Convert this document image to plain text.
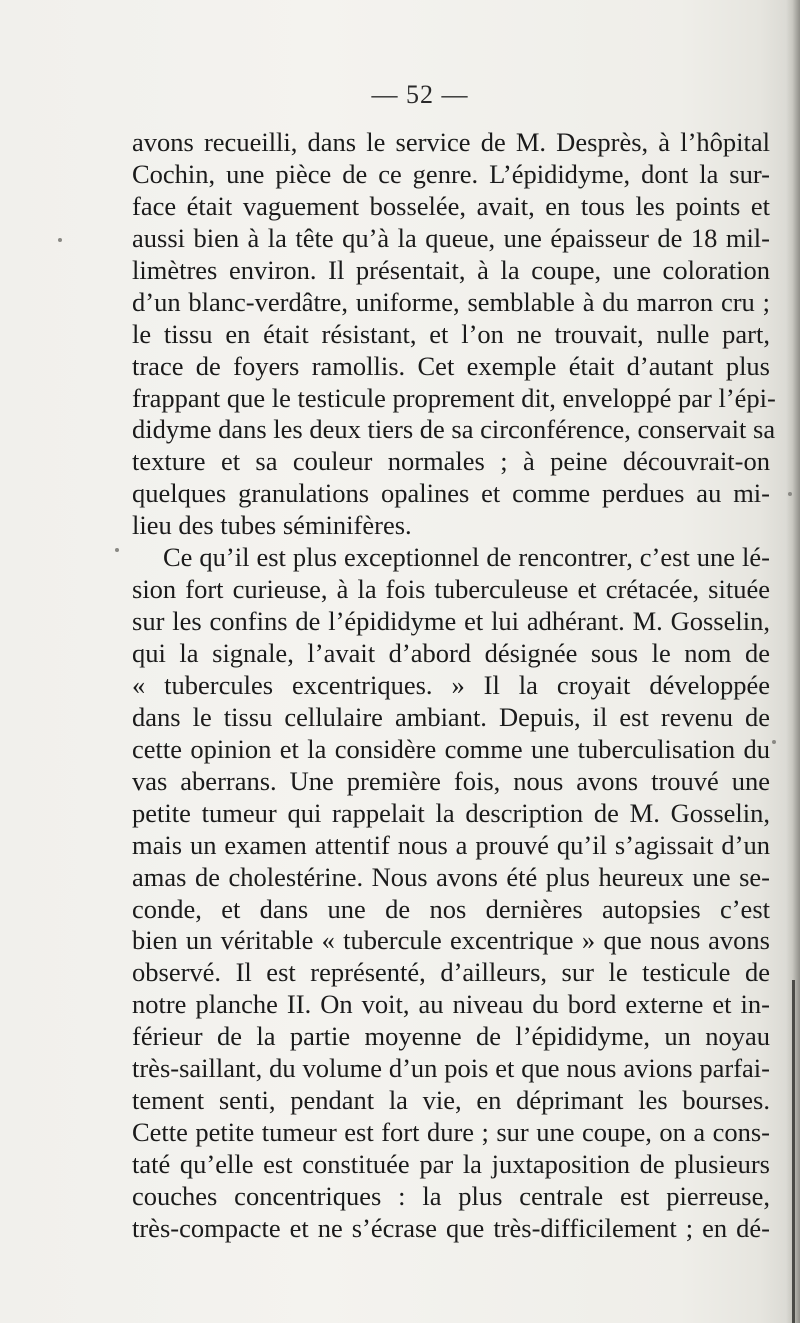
— 52 —
avons recueilli, dans le service de M. Desprès, à l’hôpital
Cochin, une pièce de ce genre. L’épididyme, dont la sur-
face était vaguement bosselée, avait, en tous les points et
aussi bien à la tête qu’à la queue, une épaisseur de 18 mil-
limètres environ. Il présentait, à la coupe, une coloration
d’un blanc-verdâtre, uniforme, semblable à du marron cru ;
le tissu en était résistant, et l’on ne trouvait, nulle part,
trace de foyers ramollis. Cet exemple était d’autant plus
frappant que le testicule proprement dit, enveloppé par l’épi-
didyme dans les deux tiers de sa circonférence, conservait sa
texture et sa couleur normales ; à peine découvrait-on
quelques granulations opalines et comme perdues au mi-
lieu des tubes séminifères.
Ce qu’il est plus exceptionnel de rencontrer, c’est une lé-
sion fort curieuse, à la fois tuberculeuse et crétacée, située
sur les confins de l’épididyme et lui adhérant. M. Gosselin,
qui la signale, l’avait d’abord désignée sous le nom de
« tubercules excentriques. » Il la croyait développée
dans le tissu cellulaire ambiant. Depuis, il est revenu de
cette opinion et la considère comme une tuberculisation du
vas aberrans. Une première fois, nous avons trouvé une
petite tumeur qui rappelait la description de M. Gosselin,
mais un examen attentif nous a prouvé qu’il s’agissait d’un
amas de cholestérine. Nous avons été plus heureux une se-
conde, et dans une de nos dernières autopsies c’est
bien un véritable « tubercule excentrique » que nous avons
observé. Il est représenté, d’ailleurs, sur le testicule de
notre planche II. On voit, au niveau du bord externe et in-
férieur de la partie moyenne de l’épididyme, un noyau
très-saillant, du volume d’un pois et que nous avions parfai-
tement senti, pendant la vie, en déprimant les bourses.
Cette petite tumeur est fort dure ; sur une coupe, on a cons-
taté qu’elle est constituée par la juxtaposition de plusieurs
couches concentriques : la plus centrale est pierreuse,
très-compacte et ne s’écrase que très-difficilement ; en dé-
